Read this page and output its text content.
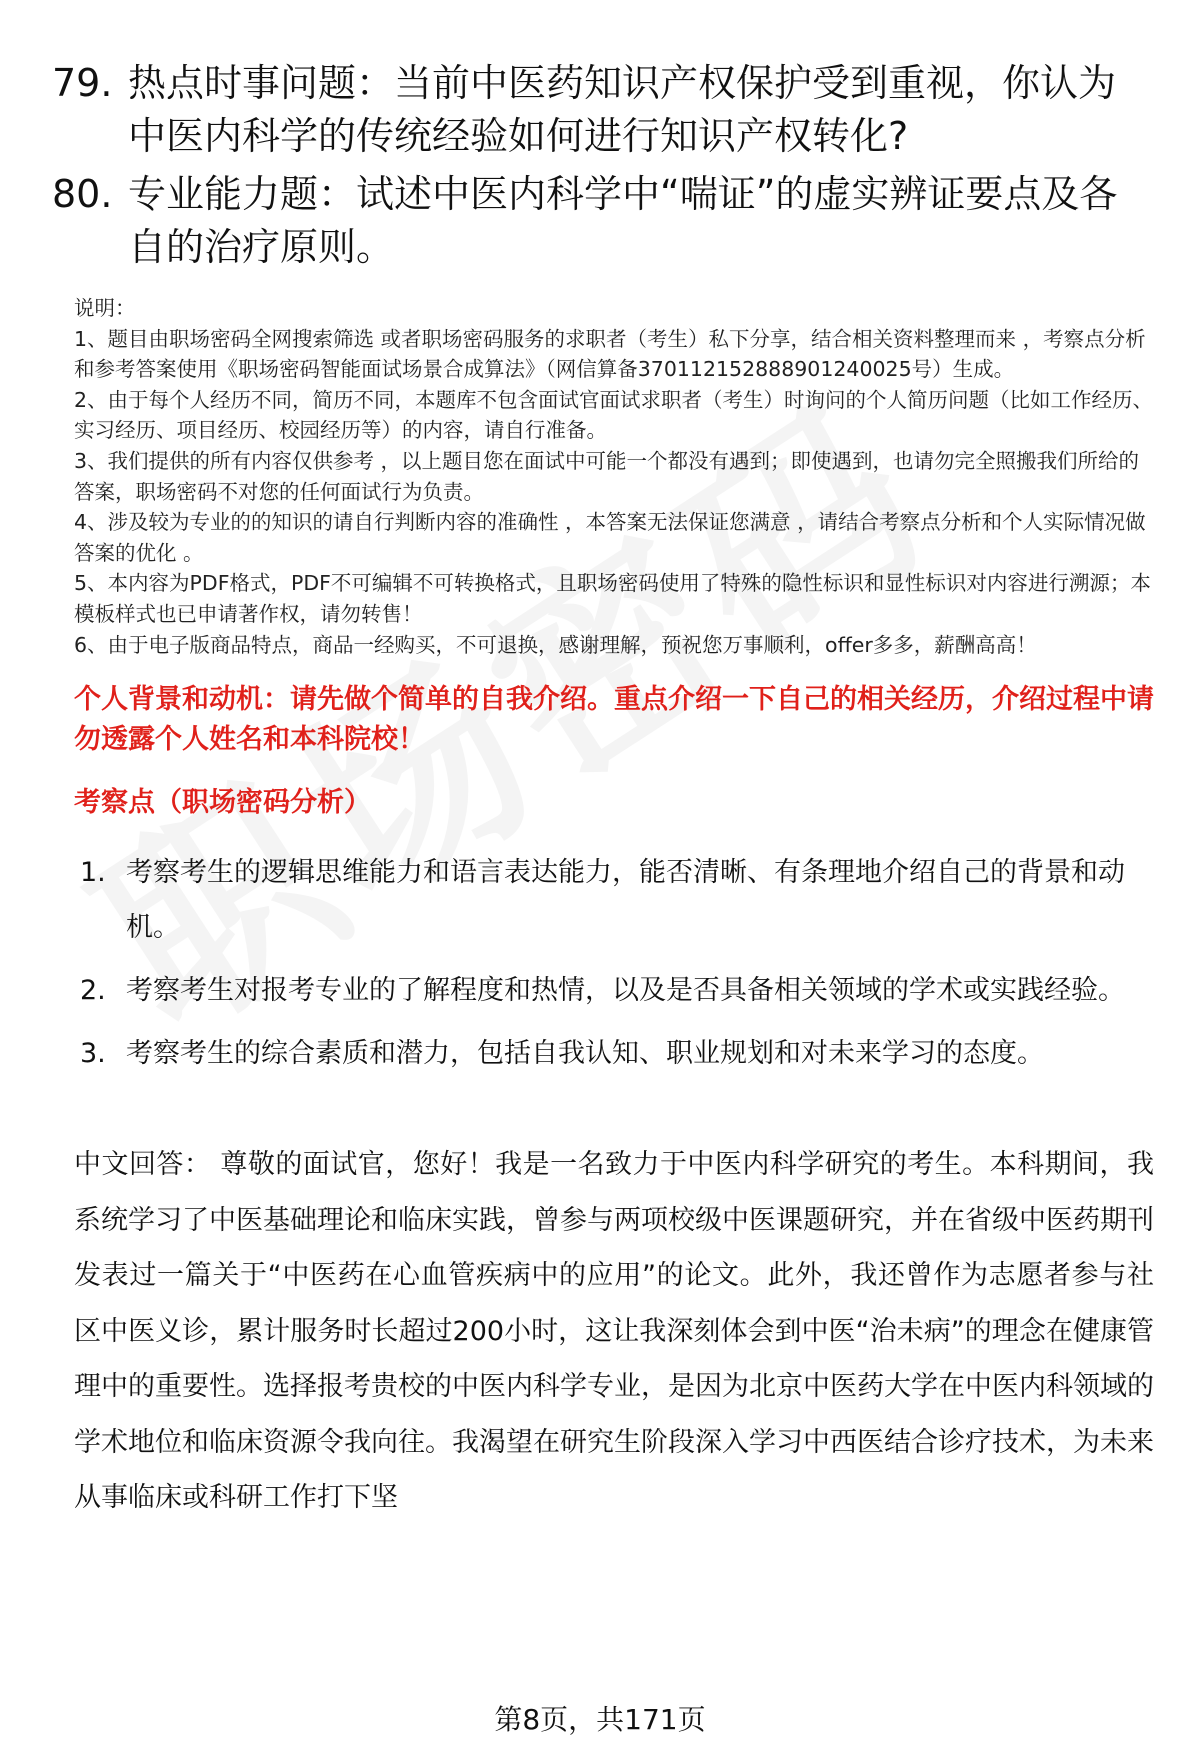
79. 热点时事问题：当前中医药知识产权保护受到重视，你认为中医内科学的传统经验如何进行知识产权转化?
80. 专业能力题：试述中医内科学中“喘证”的虚实辨证要点及各自的治疗原则。
说明：
1、题目由职场密码全网搜索筛选 或者职场密码服务的求职者（考生）私下分享，结合相关资料整理而来 ，考察点分析和参考答案使用《职场密码智能面试场景合成算法》（网信算备370112152888901240025号）生成。
2、由于每个人经历不同，简历不同，本题库不包含面试官面试求职者（考生）时询问的个人简历问题（比如工作经历、实习经历、项目经历、校园经历等）的内容，请自行准备。
3、我们提供的所有内容仅供参考 ，以上题目您在面试中可能一个都没有遇到；即使遇到，也请勿完全照搬我们所给的答案，职场密码不对您的任何面试行为负责。
4、涉及较为专业的的知识的请自行判断内容的准确性 ，本答案无法保证您满意 ，请结合考察点分析和个人实际情况做答案的优化 。
5、本内容为PDF格式，PDF不可编辑不可转换格式，且职场密码使用了特殊的隐性标识和显性标识对内容进行溯源；本模板样式也已申请著作权，请勿转售！
6、由于电子版商品特点，商品一经购买，不可退换，感谢理解，预祝您万事顺利，offer多多，薪酬高高！
个人背景和动机：请先做个简单的自我介绍。重点介绍一下自己的相关经历，介绍过程中请勿透露个人姓名和本科院校！
考察点（职场密码分析）
1. 考察考生的逻辑思维能力和语言表达能力，能否清晰、有条理地介绍自己的背景和动机。
2. 考察考生对报考专业的了解程度和热情，以及是否具备相关领域的学术或实践经验。
3. 考察考生的综合素质和潜力，包括自我认知、职业规划和对未来学习的态度。
中文回答： 尊敬的面试官，您好！我是一名致力于中医内科学研究的考生。本科期间，我系统学习了中医基础理论和临床实践，曾参与两项校级中医课题研究，并在省级中医药期刊发表过一篇关于“中医药在心血管疾病中的应用”的论文。此外，我还曾作为志愿者参与社区中医义诊，累计服务时长超过200小时，这让我深刻体会到中医“治未病”的理念在健康管理中的重要性。选择报考贵校的中医内科学专业，是因为北京中医药大学在中医内科领域的学术地位和临床资源令我向往。我渴望在研究生阶段深入学习中西医结合诊疗技术，为未来从事临床或科研工作打下坚
第8页，共171页
